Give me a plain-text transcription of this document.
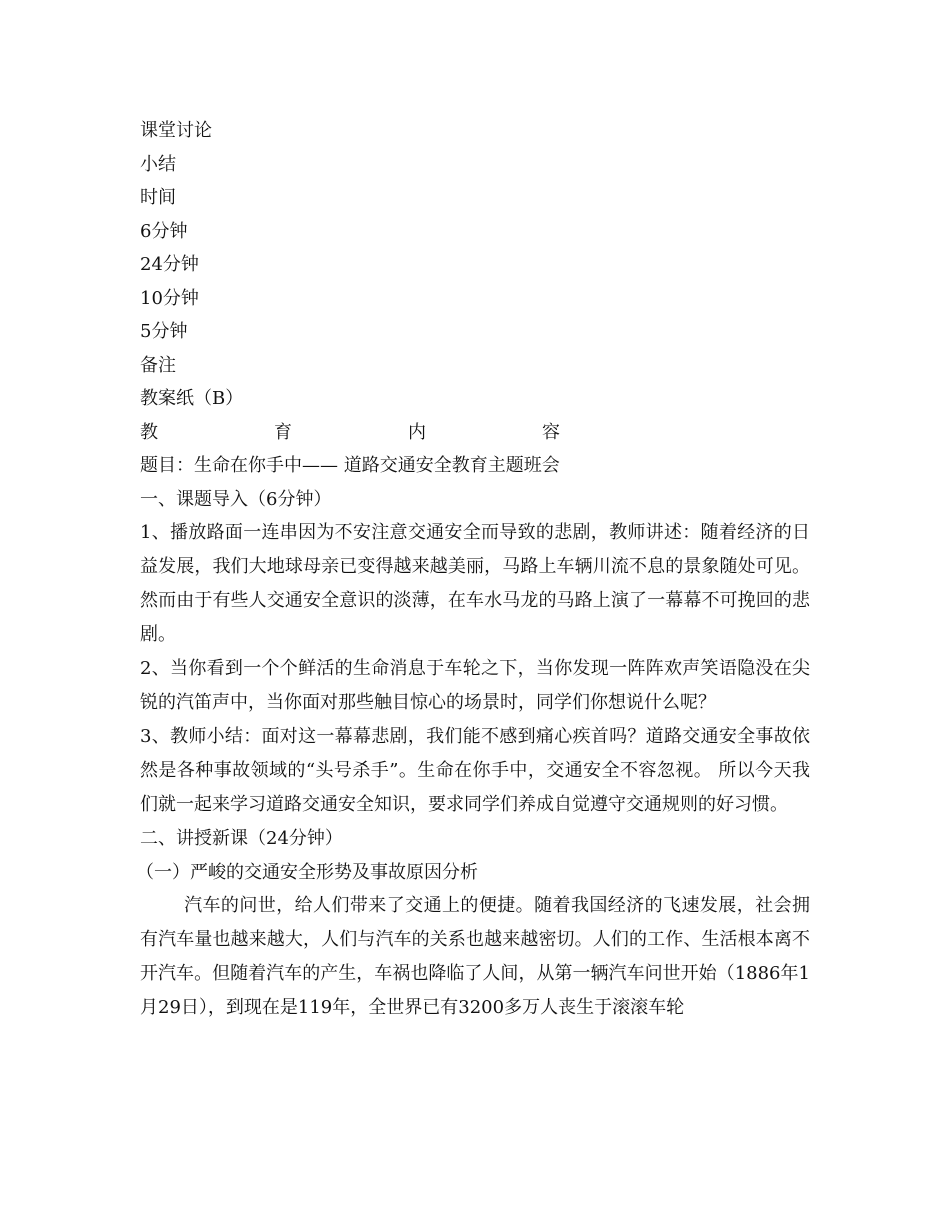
课堂讨论
小结
时间
6分钟
24分钟
10分钟
5分钟
备注
教案纸（B）
教	育	内	容
题目：生命在你手中—— 道路交通安全教育主题班会
一、课题导入（6分钟）
1、播放路面一连串因为不安注意交通安全而导致的悲剧，教师讲述：随着经济的日益发展，我们大地球母亲已变得越来越美丽，马路上车辆川流不息的景象随处可见。然而由于有些人交通安全意识的淡薄，在车水马龙的马路上演了一幕幕不可挽回的悲剧。
2、当你看到一个个鲜活的生命消息于车轮之下，当你发现一阵阵欢声笑语隐没在尖锐的汽笛声中，当你面对那些触目惊心的场景时，同学们你想说什么呢？
3、教师小结：面对这一幕幕悲剧，我们能不感到痛心疾首吗？道路交通安全事故依然是各种事故领域的“头号杀手”。生命在你手中，交通安全不容忽视。 所以今天我们就一起来学习道路交通安全知识，要求同学们养成自觉遵守交通规则的好习惯。
二、讲授新课（24分钟）
（一）严峻的交通安全形势及事故原因分析
汽车的问世，给人们带来了交通上的便捷。随着我国经济的飞速发展，社会拥有汽车量也越来越大，人们与汽车的关系也越来越密切。人们的工作、生活根本离不开汽车。但随着汽车的产生，车祸也降临了人间，从第一辆汽车问世开始（1886年1月29日），到现在是119年，全世界已有3200多万人丧生于滚滚车轮
